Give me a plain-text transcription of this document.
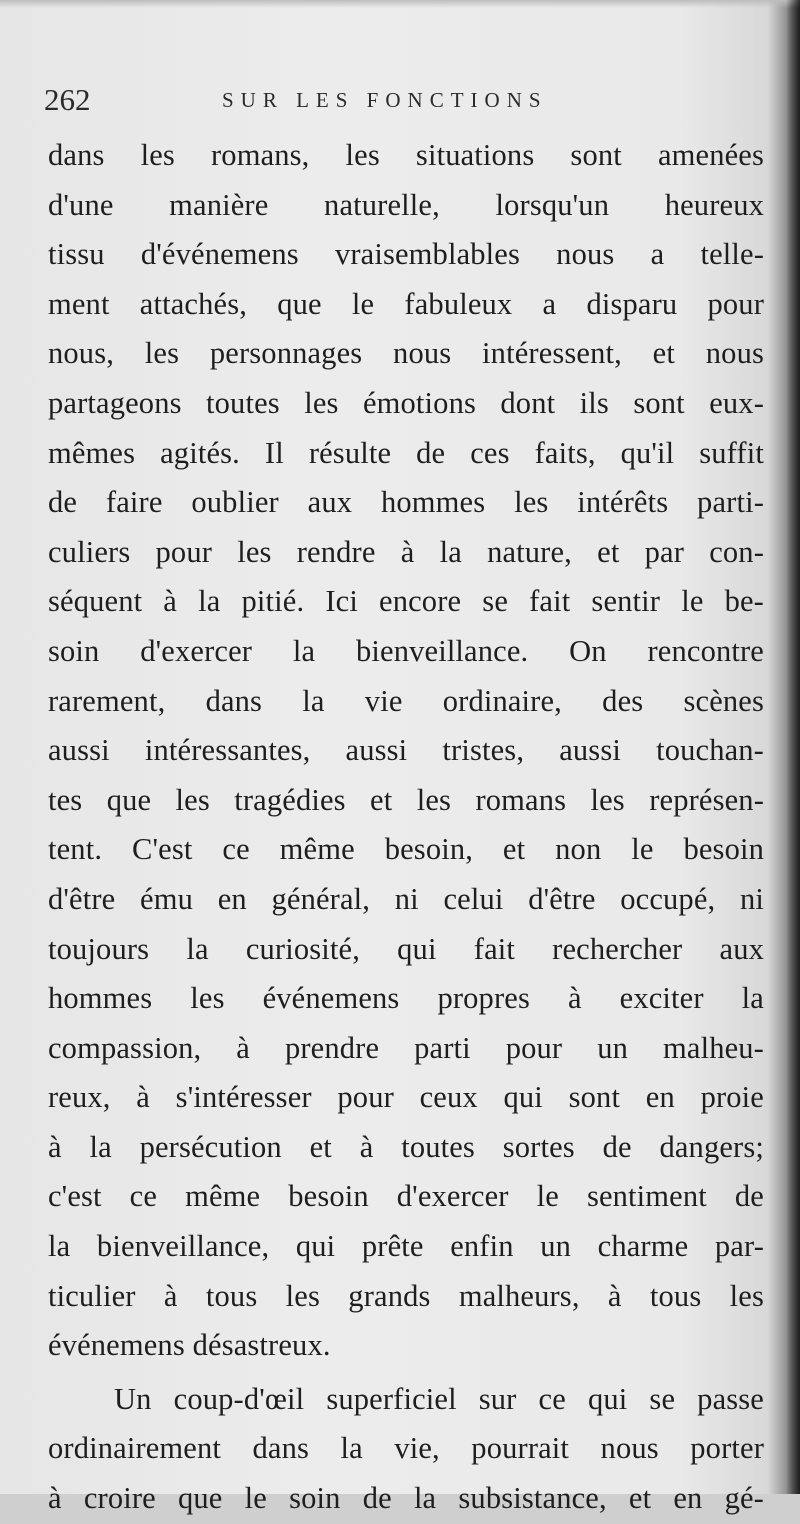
262	SUR LES FONCTIONS
dans les romans, les situations sont amenées
d'une manière naturelle, lorsqu'un heureux
tissu d'événemens vraisemblables nous a telle-
ment attachés, que le fabuleux a disparu pour
nous, les personnages nous intéressent, et nous
partageons toutes les émotions dont ils sont eux-
mêmes agités. Il résulte de ces faits, qu'il suffit
de faire oublier aux hommes les intérêts parti-
culiers pour les rendre à la nature, et par con-
séquent à la pitié. Ici encore se fait sentir le be-
soin d'exercer la bienveillance. On rencontre
rarement, dans la vie ordinaire, des scènes
aussi intéressantes, aussi tristes, aussi touchan-
tes que les tragédies et les romans les représen-
tent. C'est ce même besoin, et non le besoin
d'être ému en général, ni celui d'être occupé, ni
toujours la curiosité, qui fait rechercher aux
hommes les événemens propres à exciter la
compassion, à prendre parti pour un malheu-
reux, à s'intéresser pour ceux qui sont en proie
à la persécution et à toutes sortes de dangers;
c'est ce même besoin d'exercer le sentiment de
la bienveillance, qui prête enfin un charme par-
ticulier à tous les grands malheurs, à tous les
événemens désastreux.
Un coup-d'œil superficiel sur ce qui se passe
ordinairement dans la vie, pourrait nous porter
à croire que le soin de la subsistance, et en gé-
